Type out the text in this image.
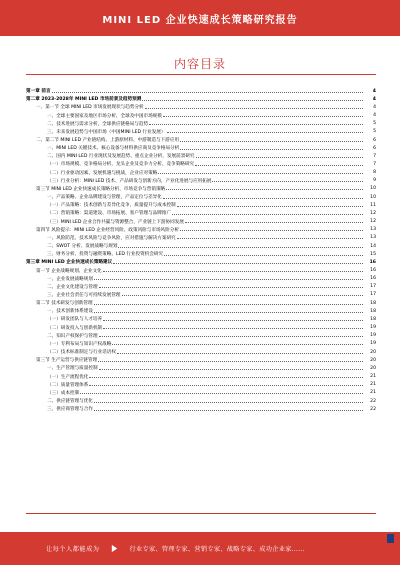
MINI LED 企业快速成长策略研究报告
内容目录
第一章 前言	4
第二章 2023-2028年 MINI LED 市场前景及趋势预测	4
一、第一节 全球 MINI LED 市场发展现状与趋势分析	4
一、全球主要国家及地区市场分析、全球及中国市场规模	4
二、技术进展与需求分析，全球供应链格局与趋势	5
三、未来发展趋势与中国市场（中国MINI LED 行业发展）	5
二、第二节 MINI LED 产业链结构、上游原材料、中游制造与下游应用	6
一、MINI LED 关键技术、核心设备与材料供应商及竞争格局分析	6
二、国内 MINI LED 行业现状及发展趋势、重点企业分析，发展前景研究	7
（一）市场规模、竞争格局分析，龙头企业及竞争力分析、竞争策略研究	7
（二）行业驱动因素、发展机遇与挑战，企业应对策略	8
（三）行业分析：MINI LED 技术、产品研发与创新方向，产业化进展与应用拓展	9
第三节 MINI LED 企业快速成长策略分析、市场竞争与营销策略	10
一、产品策略、企业品牌建设与管理，产品定位与差异化	10
（一）产品策略：技术创新与差异化竞争，质量提升与成本控制	11
（二）营销策略：渠道建设、市场拓展、客户管理与品牌推广	12
（三）MINI LED 企业合作共赢与资源整合，产业链上下游协同发展	12
第四节 风险提示：MINI LED 企业经营风险、政策风险与市场风险分析	13
一、风险防范、技术风险与竞争风险，应对措施与解决方案研究	13
二、SWOT 分析、发展战略与规划	14
三、财务分析、投资与融资策略、LED 行业投资机会研究	15
第三章 MINI LED 企业快速成长策略建议	16
第一节 企业战略规划、企业文化	16
一、企业发展战略规划	16
二、企业文化建设与管理	17
三、企业社会责任与可持续发展管理	17
第二节 技术研发与创新管理	18
一、技术创新体系建设	18
（一）研发团队与人才培养	18
（二）研发投入与创新机制	19
二、知识产权保护与管理	19
（一）专利布局与知识产权战略	19
（二）技术标准制定与行业话语权	20
第三节 生产运营与供应链管理	20
一、生产管理与质量控制	20
（一）生产流程优化	21
（二）质量管理体系	21
（三）成本控制	21
二、供应链管理与优化	22
三、供应商管理与合作	22
让每个人都能成为	行业专家、管理专家、营销专家、战略专家、成功企业家……
